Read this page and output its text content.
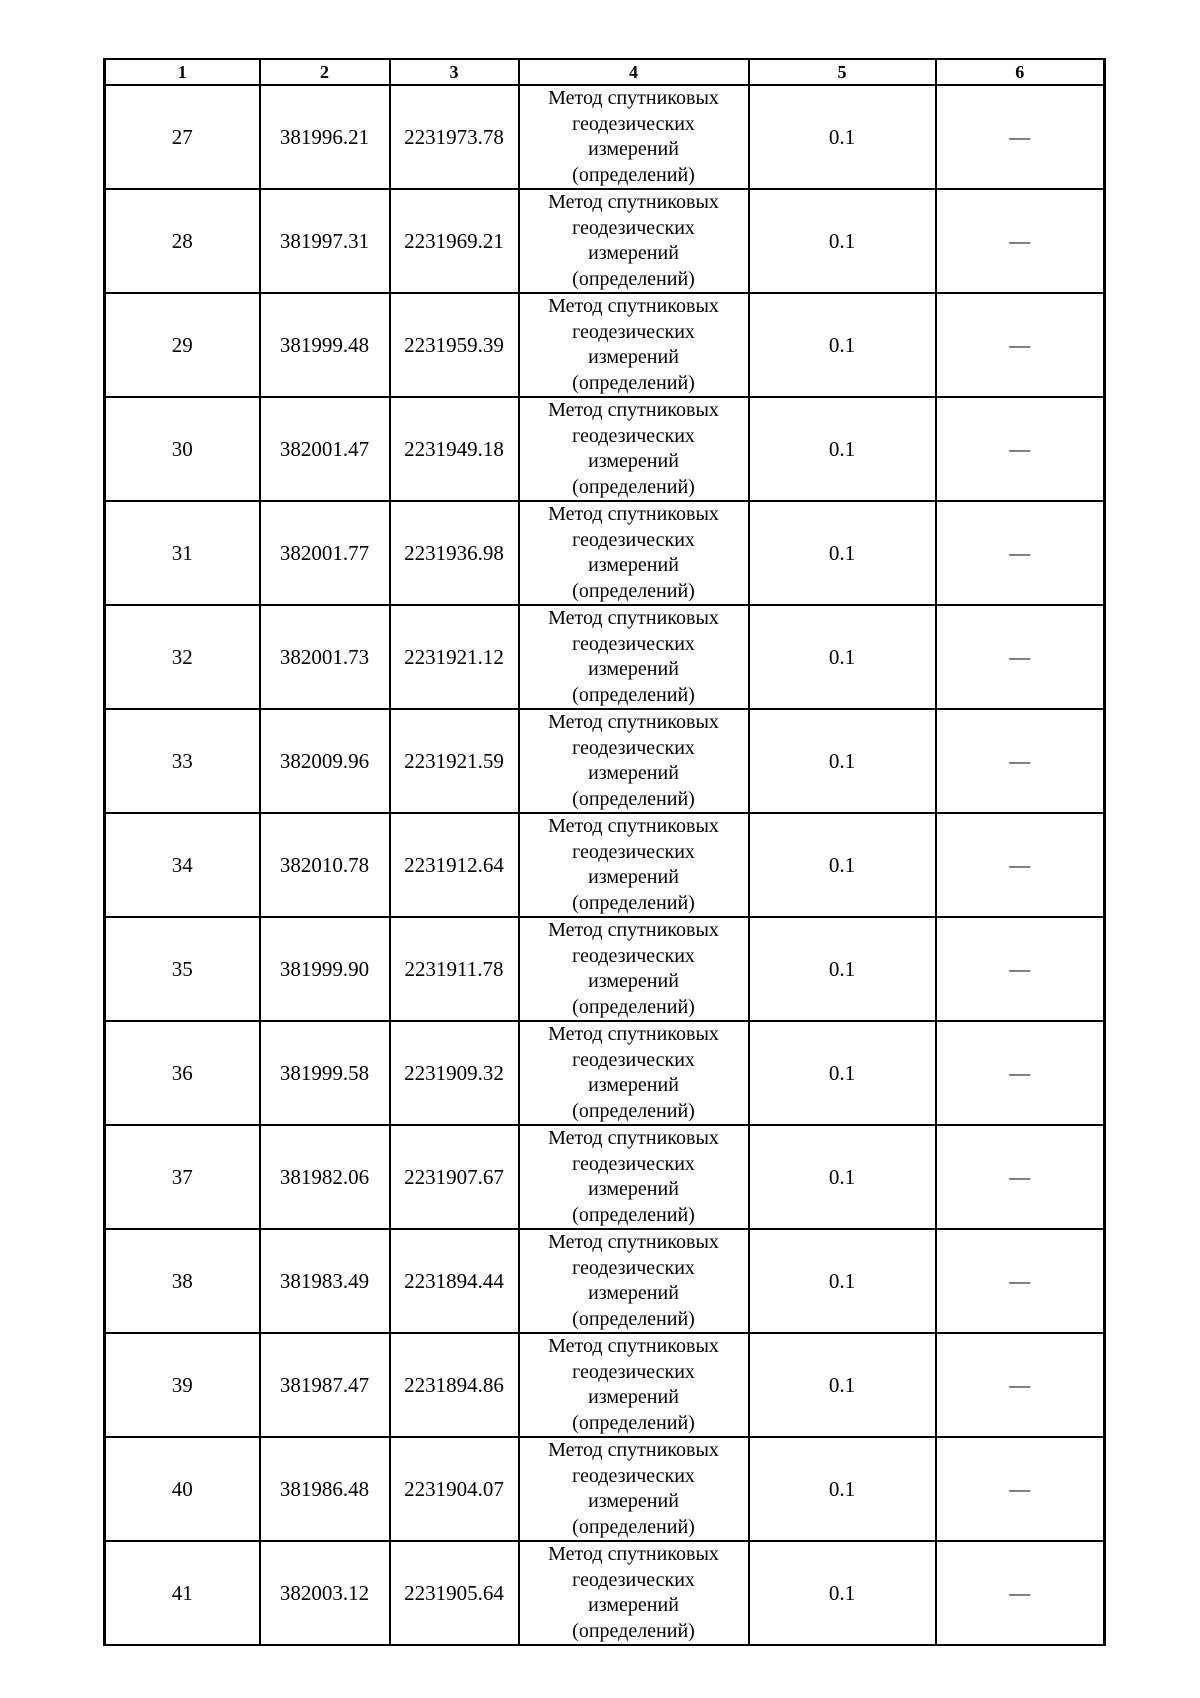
1	2	3	4	5	6
27	381996.21	2231973.78	Метод спутниковых
геодезических
измерений
(определений)	0.1	—
28	381997.31	2231969.21	Метод спутниковых
геодезических
измерений
(определений)	0.1	—
29	381999.48	2231959.39	Метод спутниковых
геодезических
измерений
(определений)	0.1	—
30	382001.47	2231949.18	Метод спутниковых
геодезических
измерений
(определений)	0.1	—
31	382001.77	2231936.98	Метод спутниковых
геодезических
измерений
(определений)	0.1	—
32	382001.73	2231921.12	Метод спутниковых
геодезических
измерений
(определений)	0.1	—
33	382009.96	2231921.59	Метод спутниковых
геодезических
измерений
(определений)	0.1	—
34	382010.78	2231912.64	Метод спутниковых
геодезических
измерений
(определений)	0.1	—
35	381999.90	2231911.78	Метод спутниковых
геодезических
измерений
(определений)	0.1	—
36	381999.58	2231909.32	Метод спутниковых
геодезических
измерений
(определений)	0.1	—
37	381982.06	2231907.67	Метод спутниковых
геодезических
измерений
(определений)	0.1	—
38	381983.49	2231894.44	Метод спутниковых
геодезических
измерений
(определений)	0.1	—
39	381987.47	2231894.86	Метод спутниковых
геодезических
измерений
(определений)	0.1	—
40	381986.48	2231904.07	Метод спутниковых
геодезических
измерений
(определений)	0.1	—
41	382003.12	2231905.64	Метод спутниковых
геодезических
измерений
(определений)	0.1	—
